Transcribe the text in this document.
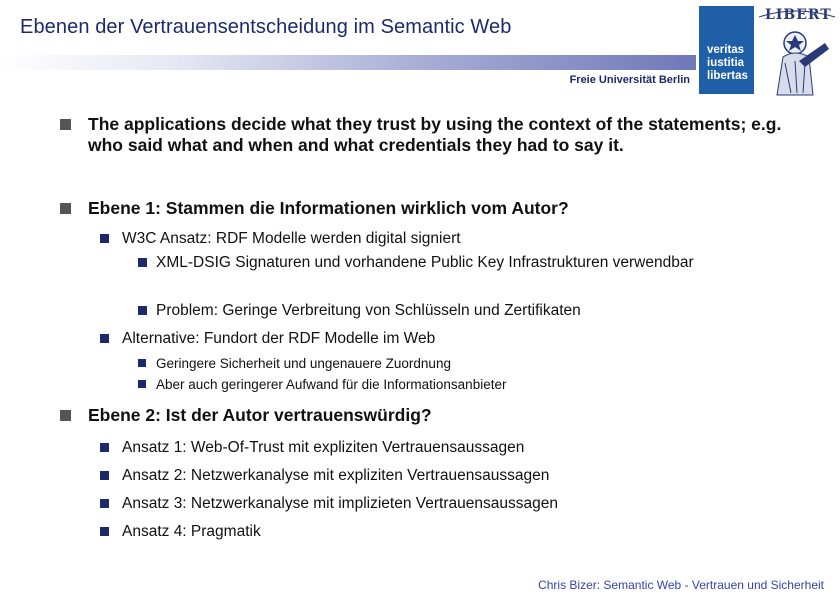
Ebenen der Vertrauensentscheidung im Semantic Web
Freie Universität Berlin
veritas
iustitia
libertas
LIBERT
The applications decide what they trust by using the context of the statements; e.g. who said what and when and what credentials they had to say it.
Ebene 1: Stammen die Informationen wirklich vom Autor?
W3C Ansatz: RDF Modelle werden digital signiert
XML-DSIG Signaturen und vorhandene Public Key Infrastrukturen verwendbar
Problem: Geringe Verbreitung von Schlüsseln und Zertifikaten
Alternative: Fundort der RDF Modelle im Web
Geringere Sicherheit und ungenauere Zuordnung
Aber auch geringerer Aufwand für die Informationsanbieter
Ebene 2: Ist der Autor vertrauenswürdig?
Ansatz 1: Web-Of-Trust mit expliziten Vertrauensaussagen
Ansatz 2: Netzwerkanalyse mit expliziten Vertrauensaussagen
Ansatz 3: Netzwerkanalyse mit implizieten Vertrauensaussagen
Ansatz 4: Pragmatik
Chris Bizer: Semantic Web - Vertrauen und Sicherheit
